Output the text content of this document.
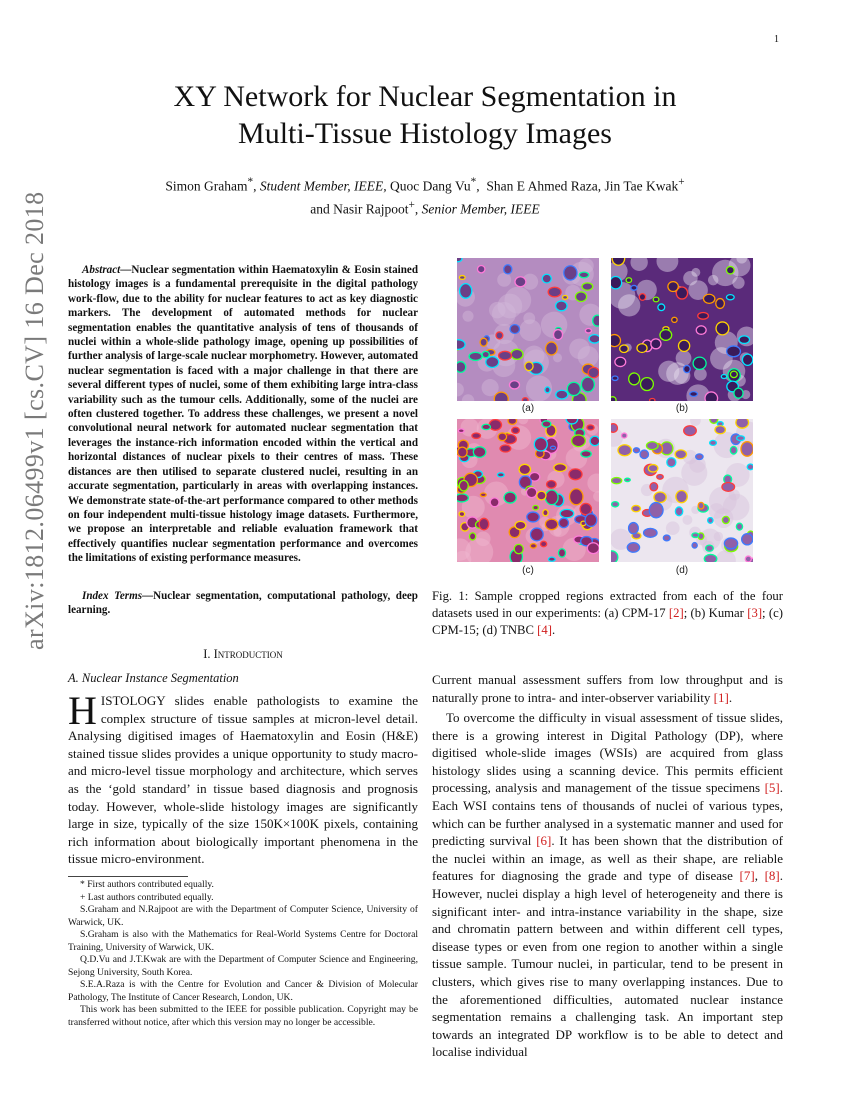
1
arXiv:1812.06499v1 [cs.CV] 16 Dec 2018
XY Network for Nuclear Segmentation in
Multi-Tissue Histology Images
Simon Graham*, Student Member, IEEE, Quoc Dang Vu*,  Shan E Ahmed Raza, Jin Tae Kwak+
and Nasir Rajpoot+, Senior Member, IEEE
Abstract—Nuclear segmentation within Haematoxylin & Eosin stained histology images is a fundamental prerequisite in the digital pathology work-flow, due to the ability for nuclear features to act as key diagnostic markers. The development of automated methods for nuclear segmentation enables the quantitative analysis of tens of thousands of nuclei within a whole-slide pathology image, opening up possibilities of further analysis of large-scale nuclear morphometry. However, automated nuclear segmentation is faced with a major challenge in that there are several different types of nuclei, some of them exhibiting large intra-class variability such as the tumour cells. Additionally, some of the nuclei are often clustered together. To address these challenges, we present a novel convolutional neural network for automated nuclear segmentation that leverages the instance-rich information encoded within the vertical and horizontal distances of nuclear pixels to their centres of mass. These distances are then utilised to separate clustered nuclei, resulting in an accurate segmentation, particularly in areas with overlapping instances. We demonstrate state-of-the-art performance compared to other methods on four independent multi-tissue histology image datasets. Furthermore, we propose an interpretable and reliable evaluation framework that effectively quantifies nuclear segmentation performance and overcomes the limitations of existing performance measures.
Index Terms—Nuclear segmentation, computational pathology, deep learning.
I. Introduction
A. Nuclear Instance Segmentation
HISTOLOGY slides enable pathologists to examine the complex structure of tissue samples at micron-level detail. Analysing digitised images of Haematoxylin and Eosin (H&E) stained tissue slides provides a unique opportunity to study macro- and micro-level tissue morphology and architecture, which serves as the ‘gold standard’ in tissue based diagnosis and prognosis today. However, whole-slide histology images are significantly large in size, typically of the size 150K×100K pixels, containing rich information about biologically important phenomena in the tissue micro-environment.

* First authors contributed equally.

+ Last authors contributed equally.

S.Graham and N.Rajpoot are with the Department of Computer Science, University of Warwick, UK.

S.Graham is also with the Mathematics for Real-World Systems Centre for Doctoral Training, University of Warwick, UK.

Q.D.Vu and J.T.Kwak are with the Department of Computer Science and Engineering, Sejong University, South Korea.

S.E.A.Raza is with the Centre for Evolution and Cancer & Division of Molecular Pathology, The Institute of Cancer Research, London, UK.

This work has been submitted to the IEEE for possible publication. Copyright may be transferred without notice, after which this version may no longer be accessible.

(a)	(b)
(c)	(d)
Fig. 1: Sample cropped regions extracted from each of the four datasets used in our experiments: (a) CPM-17 [2]; (b) Kumar [3]; (c) CPM-15; (d) TNBC [4].
Current manual assessment suffers from low throughput and is naturally prone to intra- and inter-observer variability [1].
To overcome the difficulty in visual assessment of tissue slides, there is a growing interest in Digital Pathology (DP), where digitised whole-slide images (WSIs) are acquired from glass histology slides using a scanning device. This permits efficient processing, analysis and management of the tissue specimens [5]. Each WSI contains tens of thousands of nuclei of various types, which can be further analysed in a systematic manner and used for predicting survival [6]. It has been shown that the distribution of the nuclei within an image, as well as their shape, are reliable features for diagnosing the grade and type of disease [7], [8]. However, nuclei display a high level of heterogeneity and there is significant inter- and intra-instance variability in the shape, size and chromatin pattern between and within different cell types, disease types or even from one region to another within a single tissue sample. Tumour nuclei, in particular, tend to be present in clusters, which gives rise to many overlapping instances. Due to the aforementioned difficulties, automated nuclear instance segmentation remains a challenging task. An important step towards an integrated DP workflow is to be able to detect and localise individual
